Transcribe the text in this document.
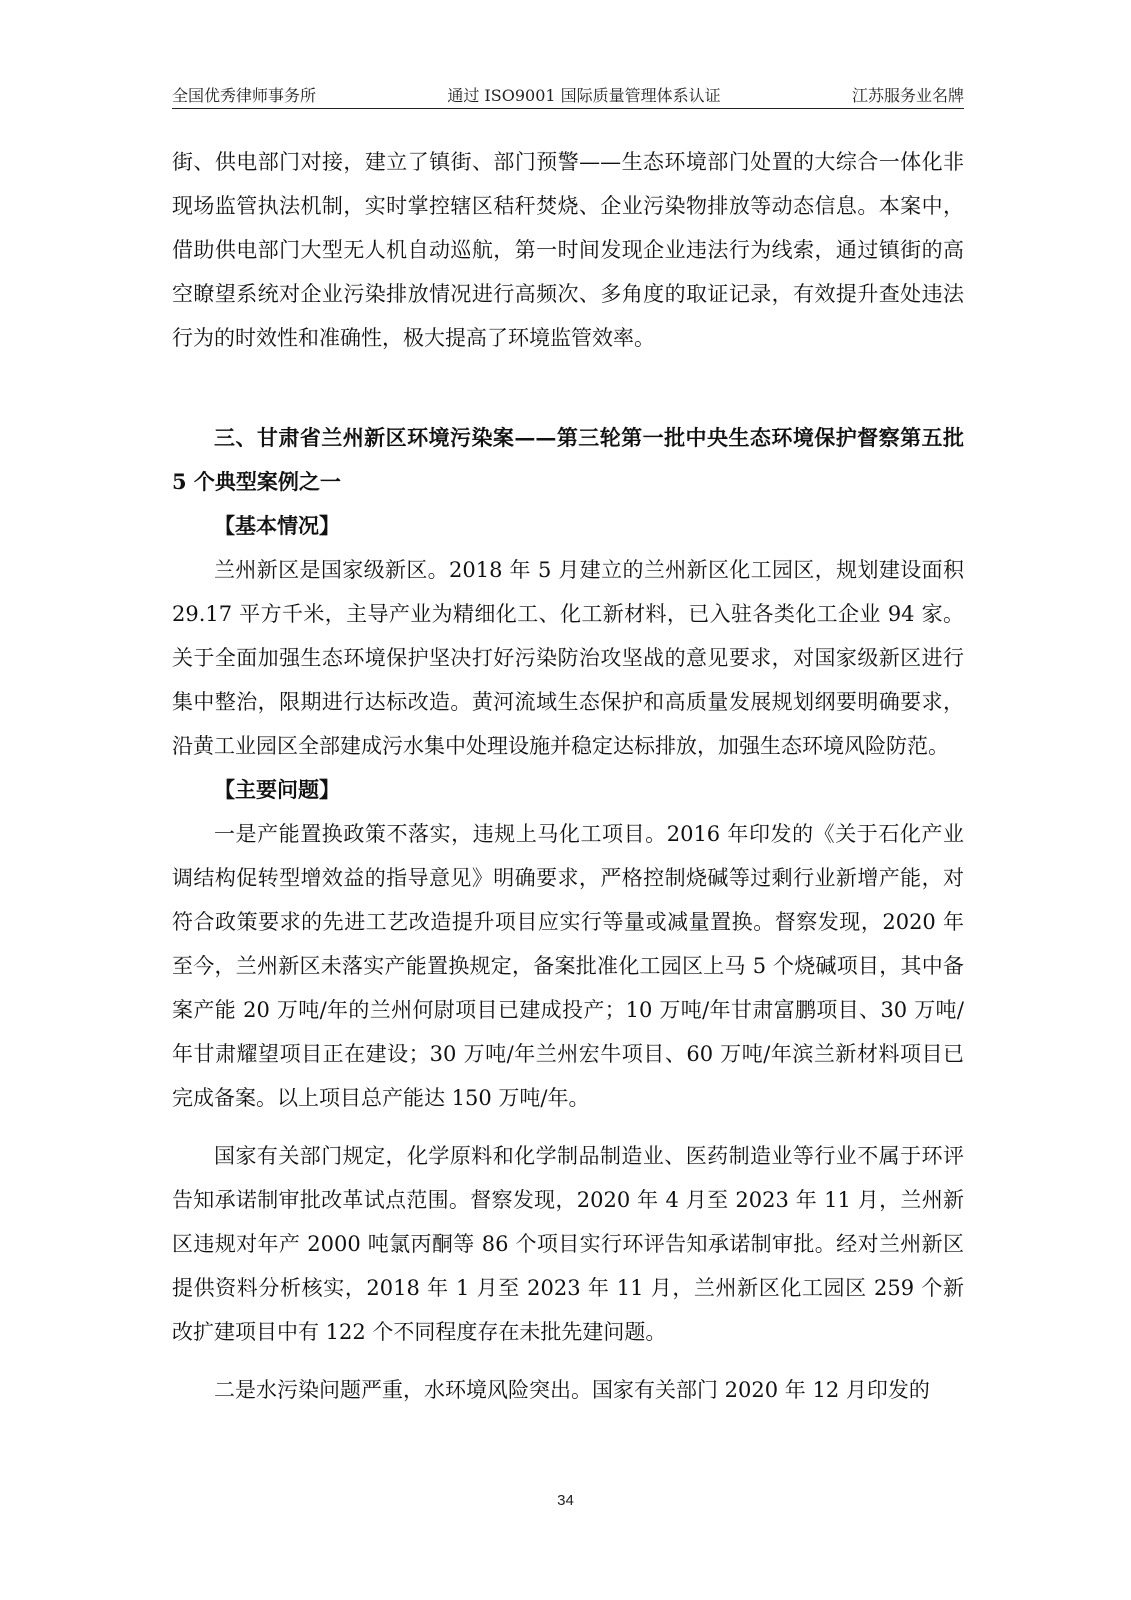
全国优秀律师事务所	通过 ISO9001 国际质量管理体系认证	江苏服务业名牌

街、供电部门对接，建立了镇街、部门预警——生态环境部门处置的大综合一体化非现场监管执法机制，实时掌控辖区秸秆焚烧、企业污染物排放等动态信息。本案中，借助供电部门大型无人机自动巡航，第一时间发现企业违法行为线索，通过镇街的高空瞭望系统对企业污染排放情况进行高频次、多角度的取证记录，有效提升查处违法行为的时效性和准确性，极大提高了环境监管效率。

三、甘肃省兰州新区环境污染案——第三轮第一批中央生态环境保护督察第五批 5 个典型案例之一

【基本情况】

兰州新区是国家级新区。2018 年 5 月建立的兰州新区化工园区，规划建设面积 29.17 平方千米，主导产业为精细化工、化工新材料，已入驻各类化工企业 94 家。关于全面加强生态环境保护坚决打好污染防治攻坚战的意见要求，对国家级新区进行集中整治，限期进行达标改造。黄河流域生态保护和高质量发展规划纲要明确要求，沿黄工业园区全部建成污水集中处理设施并稳定达标排放，加强生态环境风险防范。

【主要问题】

一是产能置换政策不落实，违规上马化工项目。2016 年印发的《关于石化产业调结构促转型增效益的指导意见》明确要求，严格控制烧碱等过剩行业新增产能，对符合政策要求的先进工艺改造提升项目应实行等量或减量置换。督察发现，2020 年至今，兰州新区未落实产能置换规定，备案批准化工园区上马 5 个烧碱项目，其中备案产能 20 万吨/年的兰州何尉项目已建成投产；10 万吨/年甘肃富鹏项目、30 万吨/年甘肃耀望项目正在建设；30 万吨/年兰州宏牛项目、60 万吨/年滨兰新材料项目已完成备案。以上项目总产能达 150 万吨/年。

国家有关部门规定，化学原料和化学制品制造业、医药制造业等行业不属于环评告知承诺制审批改革试点范围。督察发现，2020 年 4 月至 2023 年 11 月，兰州新区违规对年产 2000 吨氯丙酮等 86 个项目实行环评告知承诺制审批。经对兰州新区提供资料分析核实，2018 年 1 月至 2023 年 11 月，兰州新区化工园区 259 个新改扩建项目中有 122 个不同程度存在未批先建问题。

二是水污染问题严重，水环境风险突出。国家有关部门 2020 年 12 月印发的

34
